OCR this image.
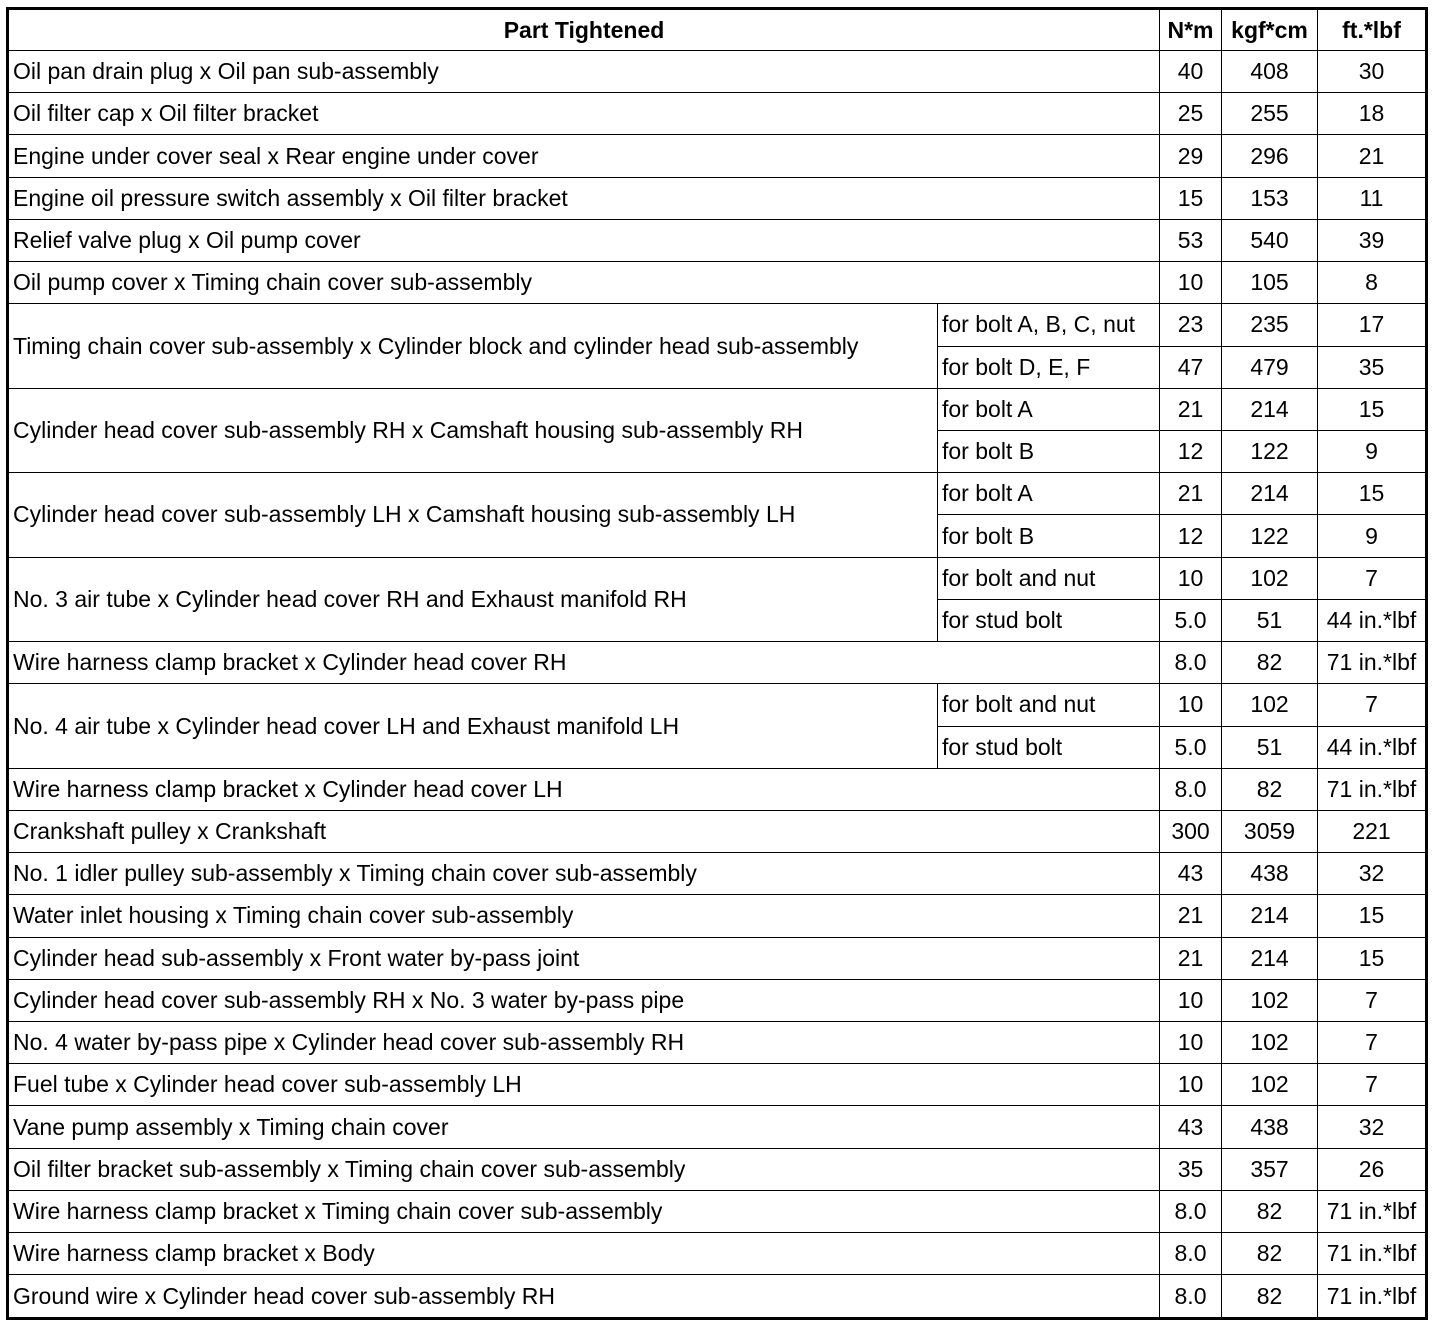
Part Tightened		N*m	kgf*cm	ft.*lbf
Oil pan drain plug x Oil pan sub-assembly		40	408	30
Oil filter cap x Oil filter bracket		25	255	18
Engine under cover seal x Rear engine under cover		29	296	21
Engine oil pressure switch assembly x Oil filter bracket		15	153	11
Relief valve plug x Oil pump cover		53	540	39
Oil pump cover x Timing chain cover sub-assembly		10	105	8
Timing chain cover sub-assembly x Cylinder block and cylinder head sub-assembly	for bolt A, B, C, nut	23	235	17
	for bolt D, E, F	47	479	35
Cylinder head cover sub-assembly RH x Camshaft housing sub-assembly RH	for bolt A	21	214	15
	for bolt B	12	122	9
Cylinder head cover sub-assembly LH x Camshaft housing sub-assembly LH	for bolt A	21	214	15
	for bolt B	12	122	9
No. 3 air tube x Cylinder head cover RH and Exhaust manifold RH	for bolt and nut	10	102	7
	for stud bolt	5.0	51	44 in.*lbf
Wire harness clamp bracket x Cylinder head cover RH		8.0	82	71 in.*lbf
No. 4 air tube x Cylinder head cover LH and Exhaust manifold LH	for bolt and nut	10	102	7
	for stud bolt	5.0	51	44 in.*lbf
Wire harness clamp bracket x Cylinder head cover LH		8.0	82	71 in.*lbf
Crankshaft pulley x Crankshaft		300	3059	221
No. 1 idler pulley sub-assembly x Timing chain cover sub-assembly		43	438	32
Water inlet housing x Timing chain cover sub-assembly		21	214	15
Cylinder head sub-assembly x Front water by-pass joint		21	214	15
Cylinder head cover sub-assembly RH x No. 3 water by-pass pipe		10	102	7
No. 4 water by-pass pipe x Cylinder head cover sub-assembly RH		10	102	7
Fuel tube x Cylinder head cover sub-assembly LH		10	102	7
Vane pump assembly x Timing chain cover		43	438	32
Oil filter bracket sub-assembly x Timing chain cover sub-assembly		35	357	26
Wire harness clamp bracket x Timing chain cover sub-assembly		8.0	82	71 in.*lbf
Wire harness clamp bracket x Body		8.0	82	71 in.*lbf
Ground wire x Cylinder head cover sub-assembly RH		8.0	82	71 in.*lbf
